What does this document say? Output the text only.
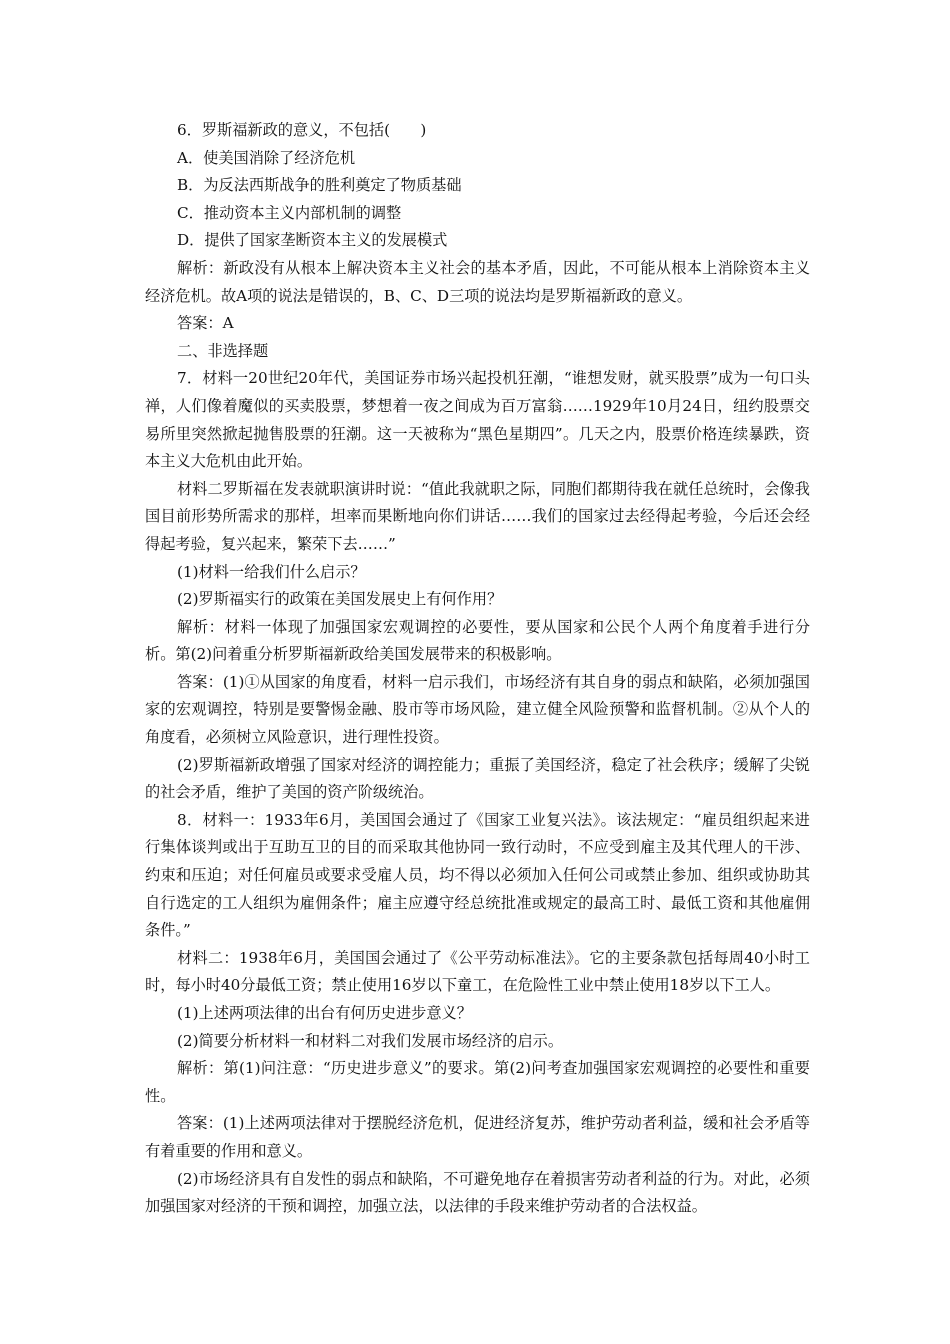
6．罗斯福新政的意义，不包括(　　)

A．使美国消除了经济危机

B．为反法西斯战争的胜利奠定了物质基础

C．推动资本主义内部机制的调整

D．提供了国家垄断资本主义的发展模式

解析：新政没有从根本上解决资本主义社会的基本矛盾，因此，不可能从根本上消除资本主义经济危机。故A项的说法是错误的，B、C、D三项的说法均是罗斯福新政的意义。

答案：A

二、非选择题

7．材料一20世纪20年代，美国证券市场兴起投机狂潮，“谁想发财，就买股票”成为一句口头禅，人们像着魔似的买卖股票，梦想着一夜之间成为百万富翁……1929年10月24日，纽约股票交易所里突然掀起抛售股票的狂潮。这一天被称为“黑色星期四”。几天之内，股票价格连续暴跌，资本主义大危机由此开始。

材料二罗斯福在发表就职演讲时说：“值此我就职之际，同胞们都期待我在就任总统时，会像我国目前形势所需求的那样，坦率而果断地向你们讲话……我们的国家过去经得起考验，今后还会经得起考验，复兴起来，繁荣下去……”

(1)材料一给我们什么启示？

(2)罗斯福实行的政策在美国发展史上有何作用？

解析：材料一体现了加强国家宏观调控的必要性，要从国家和公民个人两个角度着手进行分析。第(2)问着重分析罗斯福新政给美国发展带来的积极影响。

答案：(1)①从国家的角度看，材料一启示我们，市场经济有其自身的弱点和缺陷，必须加强国家的宏观调控，特别是要警惕金融、股市等市场风险，建立健全风险预警和监督机制。②从个人的角度看，必须树立风险意识，进行理性投资。

(2)罗斯福新政增强了国家对经济的调控能力；重振了美国经济，稳定了社会秩序；缓解了尖锐的社会矛盾，维护了美国的资产阶级统治。

8．材料一：1933年6月，美国国会通过了《国家工业复兴法》。该法规定：“雇员组织起来进行集体谈判或出于互助互卫的目的而采取其他协同一致行动时，不应受到雇主及其代理人的干涉、约束和压迫；对任何雇员或要求受雇人员，均不得以必须加入任何公司或禁止参加、组织或协助其自行选定的工人组织为雇佣条件；雇主应遵守经总统批准或规定的最高工时、最低工资和其他雇佣条件。”

材料二：1938年6月，美国国会通过了《公平劳动标准法》。它的主要条款包括每周40小时工时，每小时40分最低工资；禁止使用16岁以下童工，在危险性工业中禁止使用18岁以下工人。

(1)上述两项法律的出台有何历史进步意义？

(2)简要分析材料一和材料二对我们发展市场经济的启示。

解析：第(1)问注意：“历史进步意义”的要求。第(2)问考查加强国家宏观调控的必要性和重要性。

答案：(1)上述两项法律对于摆脱经济危机，促进经济复苏，维护劳动者利益，缓和社会矛盾等有着重要的作用和意义。

(2)市场经济具有自发性的弱点和缺陷，不可避免地存在着损害劳动者利益的行为。对此，必须加强国家对经济的干预和调控，加强立法，以法律的手段来维护劳动者的合法权益。
